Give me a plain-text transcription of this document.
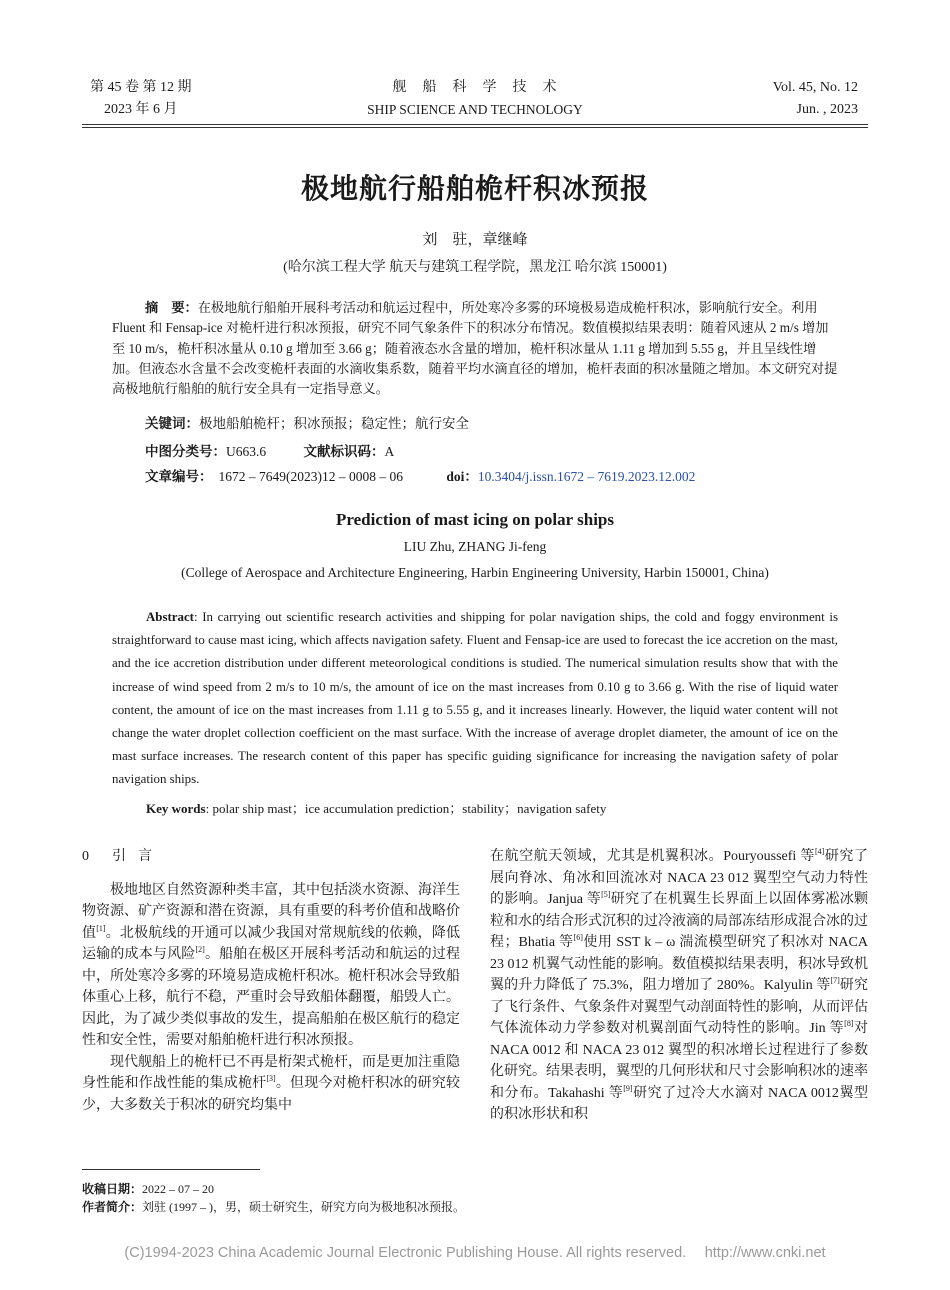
第 45 卷 第 12 期
2023 年 6 月
舰　船　科　学　技　术
SHIP SCIENCE AND TECHNOLOGY
Vol. 45, No. 12
Jun. , 2023
极地航行船舶桅杆积冰预报
刘　驻，章继峰
(哈尔滨工程大学 航天与建筑工程学院，黑龙江 哈尔滨 150001)
摘　要：在极地航行船舶开展科考活动和航运过程中，所处寒冷多雾的环境极易造成桅杆积冰，影响航行安全。利用 Fluent 和 Fensap-ice 对桅杆进行积冰预报，研究不同气象条件下的积冰分布情况。数值模拟结果表明：随着风速从 2 m/s 增加至 10 m/s，桅杆积冰量从 0.10 g 增加至 3.66 g；随着液态水含量的增加，桅杆积冰量从 1.11 g 增加到 5.55 g，并且呈线性增加。但液态水含量不会改变桅杆表面的水滴收集系数，随着平均水滴直径的增加，桅杆表面的积冰量随之增加。本文研究对提高极地航行船舶的航行安全具有一定指导意义。
关键词：极地船舶桅杆；积冰预报；稳定性；航行安全
中图分类号：U663.6	文献标识码：A
文章编号： 1672 – 7649(2023)12 – 0008 – 06	doi：10.3404/j.issn.1672 – 7619.2023.12.002
Prediction of mast icing on polar ships
LIU Zhu, ZHANG Ji-feng
(College of Aerospace and Architecture Engineering, Harbin Engineering University, Harbin 150001, China)
Abstract: In carrying out scientific research activities and shipping for polar navigation ships, the cold and foggy environment is straightforward to cause mast icing, which affects navigation safety. Fluent and Fensap-ice are used to forecast the ice accretion on the mast, and the ice accretion distribution under different meteorological conditions is studied. The numerical simulation results show that with the increase of wind speed from 2 m/s to 10 m/s, the amount of ice on the mast increases from 0.10 g to 3.66 g. With the rise of liquid water content, the amount of ice on the mast increases from 1.11 g to 5.55 g, and it increases linearly. However, the liquid water content will not change the water droplet collection coefficient on the mast surface. With the increase of average droplet diameter, the amount of ice on the mast surface increases. The research content of this paper has specific guiding significance for increasing the navigation safety of polar navigation ships.
Key words: polar ship mast；ice accumulation prediction；stability；navigation safety

0 引言

极地地区自然资源种类丰富，其中包括淡水资源、海洋生物资源、矿产资源和潜在资源，具有重要的科考价值和战略价值[1]。北极航线的开通可以减少我国对常规航线的依赖，降低运输的成本与风险[2]。船舶在极区开展科考活动和航运的过程中，所处寒冷多雾的环境易造成桅杆积冰。桅杆积冰会导致船体重心上移，航行不稳，严重时会导致船体翻覆，船毁人亡。因此，为了减少类似事故的发生，提高船舶在极区航行的稳定性和安全性，需要对船舶桅杆进行积冰预报。

现代舰船上的桅杆已不再是桁架式桅杆，而是更加注重隐身性能和作战性能的集成桅杆[3]。但现今对桅杆积冰的研究较少，大多数关于积冰的研究均集中

在航空航天领域，尤其是机翼积冰。Pouryoussefi 等[4]研究了展向脊冰、角冰和回流冰对 NACA 23 012 翼型空气动力特性的影响。Janjua 等[5]研究了在机翼生长界面上以固体雾凇冰颗粒和水的结合形式沉积的过冷液滴的局部冻结形成混合冰的过程；Bhatia 等[6]使用 SST k – ω 湍流模型研究了积冰对 NACA 23 012 机翼气动性能的影响。数值模拟结果表明，积冰导致机翼的升力降低了 75.3%，阻力增加了 280%。Kalyulin 等[7]研究了飞行条件、气象条件对翼型气动剖面特性的影响，从而评估气体流体动力学参数对机翼剖面气动特性的影响。Jin 等[8]对 NACA 0012 和 NACA 23 012 翼型的积冰增长过程进行了参数化研究。结果表明，翼型的几何形状和尺寸会影响积冰的速率和分布。Takahashi 等[9]研究了过冷大水滴对 NACA 0012翼型的积冰形状和积

收稿日期：2022 – 07 – 20
作者简介：刘驻 (1997 – )，男，硕士研究生，研究方向为极地积冰预报。
(C)1994-2023 China Academic Journal Electronic Publishing House. All rights reserved.　 http://www.cnki.net
